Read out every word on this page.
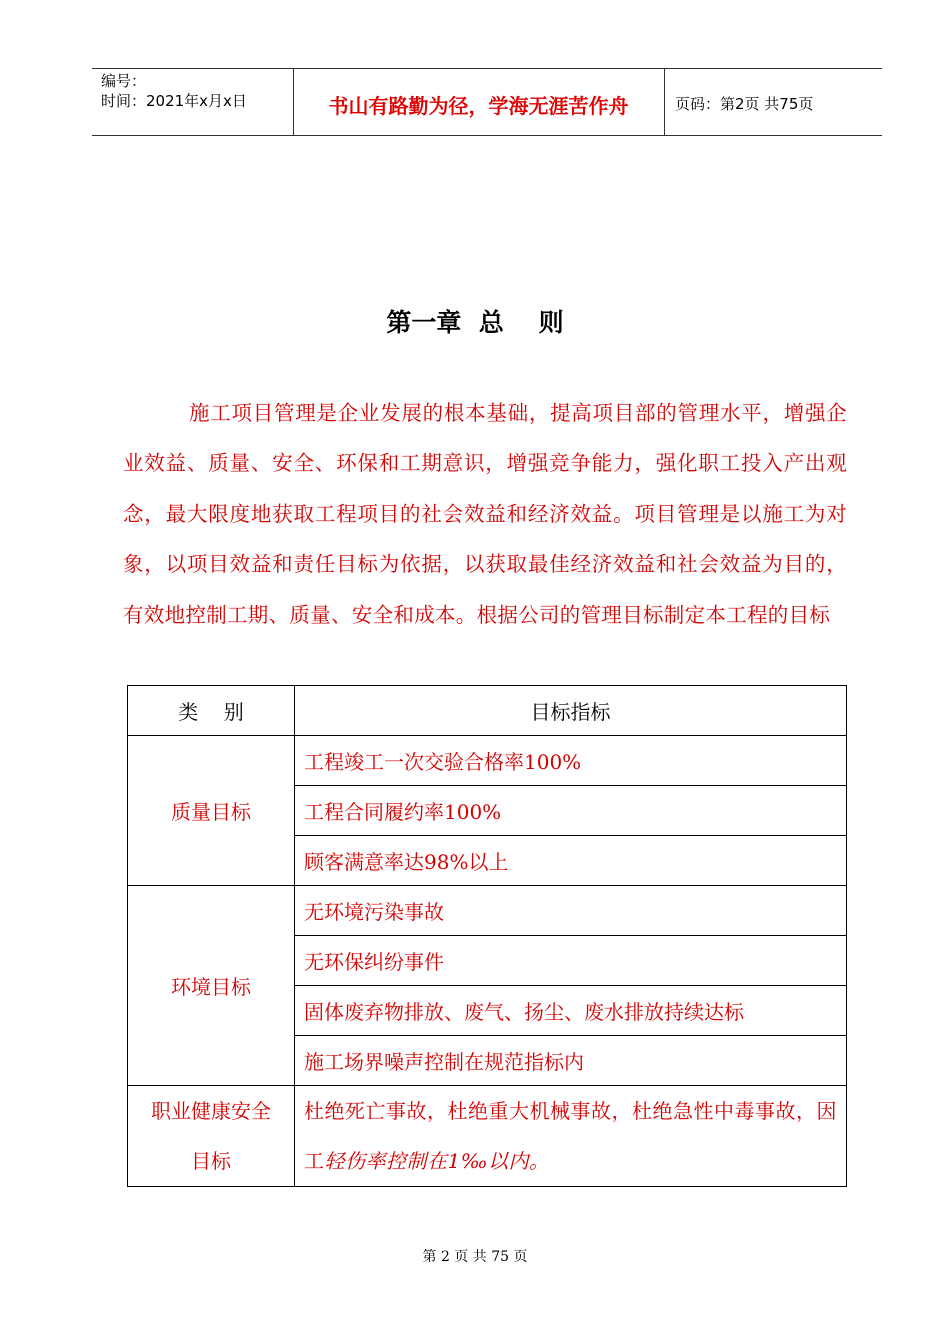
编号：
时间：2021年x月x日	书山有路勤为径，学海无涯苦作舟	页码：第2页 共75页
第一章  总    则
施工项目管理是企业发展的根本基础，提高项目部的管理水平，增强企业效益、质量、安全、环保和工期意识，增强竞争能力，强化职工投入产出观念，最大限度地获取工程项目的社会效益和经济效益。项目管理是以施工为对象，以项目效益和责任目标为依据，以获取最佳经济效益和社会效益为目的，有效地控制工期、质量、安全和成本。根据公司的管理目标制定本工程的目标
类    别	目标指标
质量目标	工程竣工一次交验合格率100%
	工程合同履约率100%
	顾客满意率达98%以上
环境目标	无环境污染事故
	无环保纠纷事件
	固体废弃物排放、废气、扬尘、废水排放持续达标
	施工场界噪声控制在规范指标内

职业健康安全
目标	杜绝死亡事故，杜绝重大机械事故，杜绝急性中毒事故，因工轻伤率控制在1‰以内。
第 2 页 共 75 页
